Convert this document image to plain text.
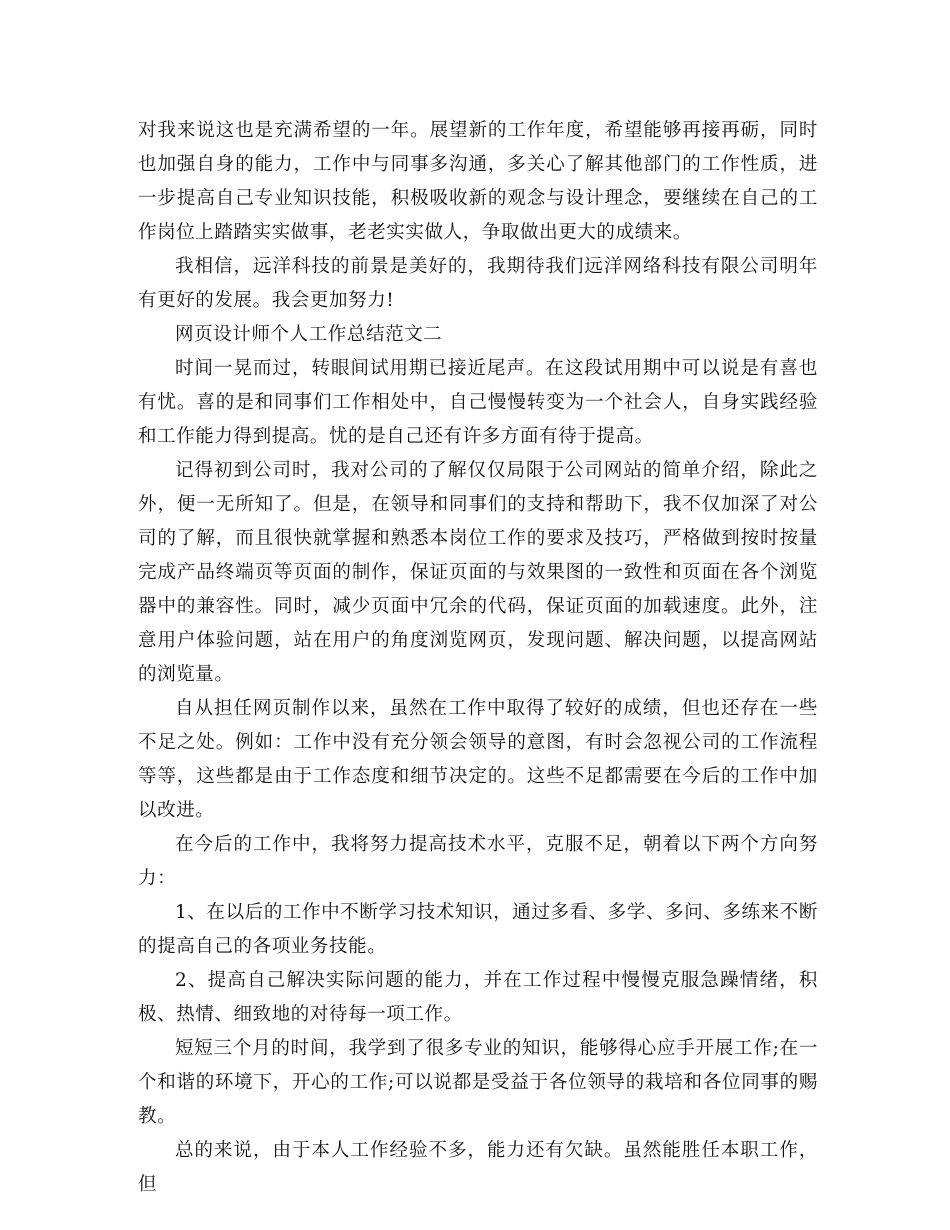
对我来说这也是充满希望的一年。展望新的工作年度，希望能够再接再砺，同时也加强自身的能力，工作中与同事多沟通，多关心了解其他部门的工作性质，进一步提高自己专业知识技能，积极吸收新的观念与设计理念，要继续在自己的工作岗位上踏踏实实做事，老老实实做人，争取做出更大的成绩来。

我相信，远洋科技的前景是美好的，我期待我们远洋网络科技有限公司明年有更好的发展。我会更加努力!

网页设计师个人工作总结范文二

时间一晃而过，转眼间试用期已接近尾声。在这段试用期中可以说是有喜也有忧。喜的是和同事们工作相处中，自己慢慢转变为一个社会人，自身实践经验和工作能力得到提高。忧的是自己还有许多方面有待于提高。

记得初到公司时，我对公司的了解仅仅局限于公司网站的简单介绍，除此之外，便一无所知了。但是，在领导和同事们的支持和帮助下，我不仅加深了对公司的了解，而且很快就掌握和熟悉本岗位工作的要求及技巧，严格做到按时按量完成产品终端页等页面的制作，保证页面的与效果图的一致性和页面在各个浏览器中的兼容性。同时，减少页面中冗余的代码，保证页面的加载速度。此外，注意用户体验问题，站在用户的角度浏览网页，发现问题、解决问题，以提高网站的浏览量。

自从担任网页制作以来，虽然在工作中取得了较好的成绩，但也还存在一些不足之处。例如：工作中没有充分领会领导的意图，有时会忽视公司的工作流程等等，这些都是由于工作态度和细节决定的。这些不足都需要在今后的工作中加以改进。

在今后的工作中，我将努力提高技术水平，克服不足，朝着以下两个方向努力：

1、在以后的工作中不断学习技术知识，通过多看、多学、多问、多练来不断的提高自己的各项业务技能。

2、提高自己解决实际问题的能力，并在工作过程中慢慢克服急躁情绪，积极、热情、细致地的对待每一项工作。

短短三个月的时间，我学到了很多专业的知识，能够得心应手开展工作;在一个和谐的环境下，开心的工作;可以说都是受益于各位领导的栽培和各位同事的赐教。

总的来说，由于本人工作经验不多，能力还有欠缺。虽然能胜任本职工作，但
